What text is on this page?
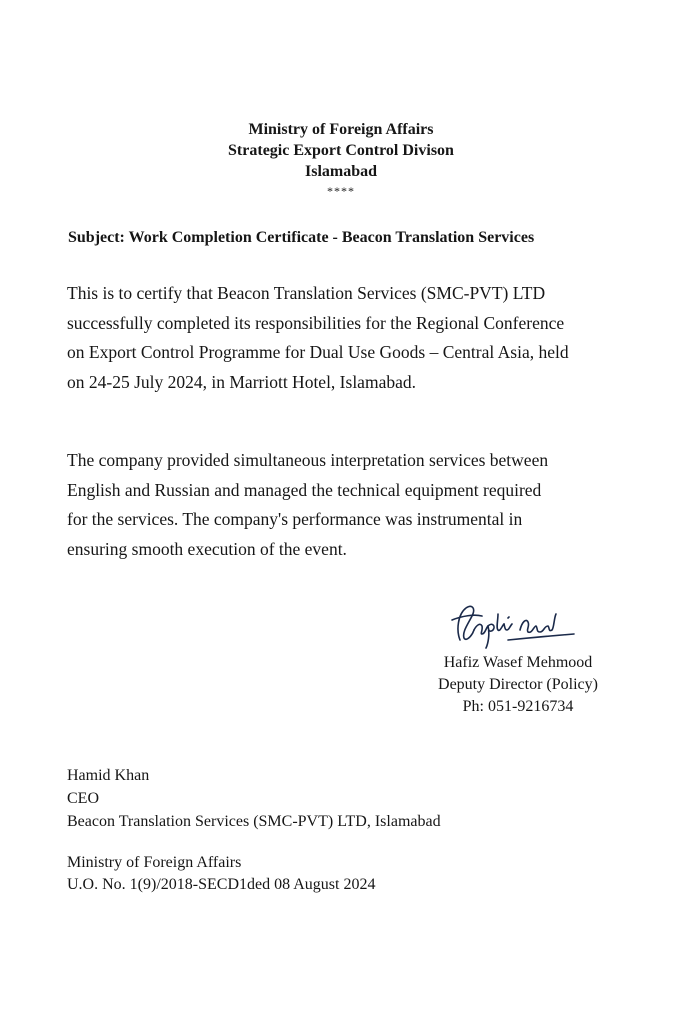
Ministry of Foreign Affairs
Strategic Export Control Divison
Islamabad
****
Subject: Work Completion Certificate - Beacon Translation Services
This is to certify that Beacon Translation Services (SMC-PVT) LTD
successfully completed its responsibilities for the Regional Conference
on Export Control Programme for Dual Use Goods – Central Asia, held
on 24-25 July 2024, in Marriott Hotel, Islamabad.
The company provided simultaneous interpretation services between
English and Russian and managed the technical equipment required
for the services. The company's performance was instrumental in
ensuring smooth execution of the event.
Hafiz Wasef Mehmood
Deputy Director (Policy)
Ph: 051-9216734
Hamid Khan
CEO
Beacon Translation Services (SMC-PVT) LTD, Islamabad
Ministry of Foreign Affairs
U.O. No. 1(9)/2018-SECD1ded 08 August 2024
